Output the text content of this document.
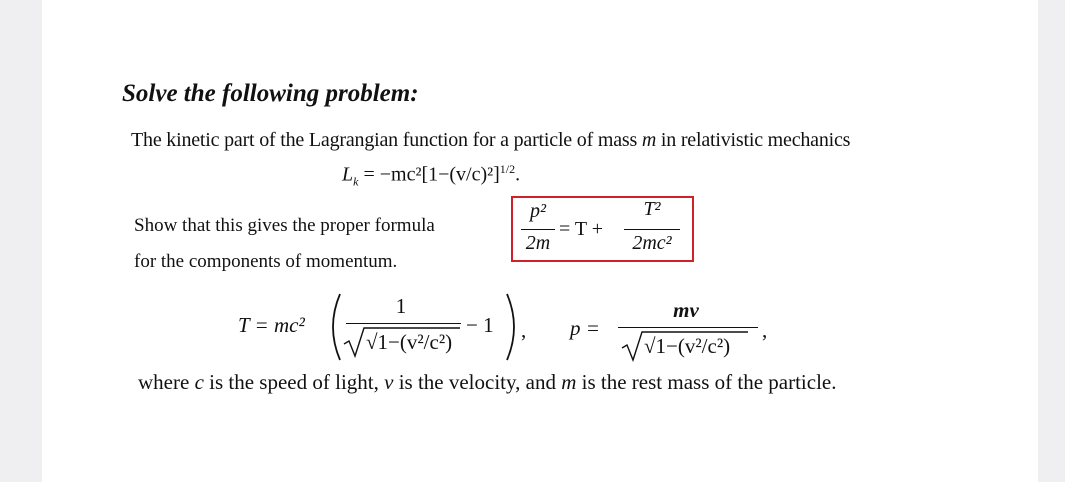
Solve the following problem:
The kinetic part of the Lagrangian function for a particle of mass m in relativistic mechanics
$L_k = -mc^2[1-(v/c)^2]^{1/2}$.
Show that this gives the proper formula
for the components of momentum.
p²
2m
= T +
T²
2mc²
T = mc²
1
√1−(v²/c²)
− 1 , p =
mv
√1−(v²/c²)
,
where c is the speed of light, v is the velocity, and m is the rest mass of the particle.
